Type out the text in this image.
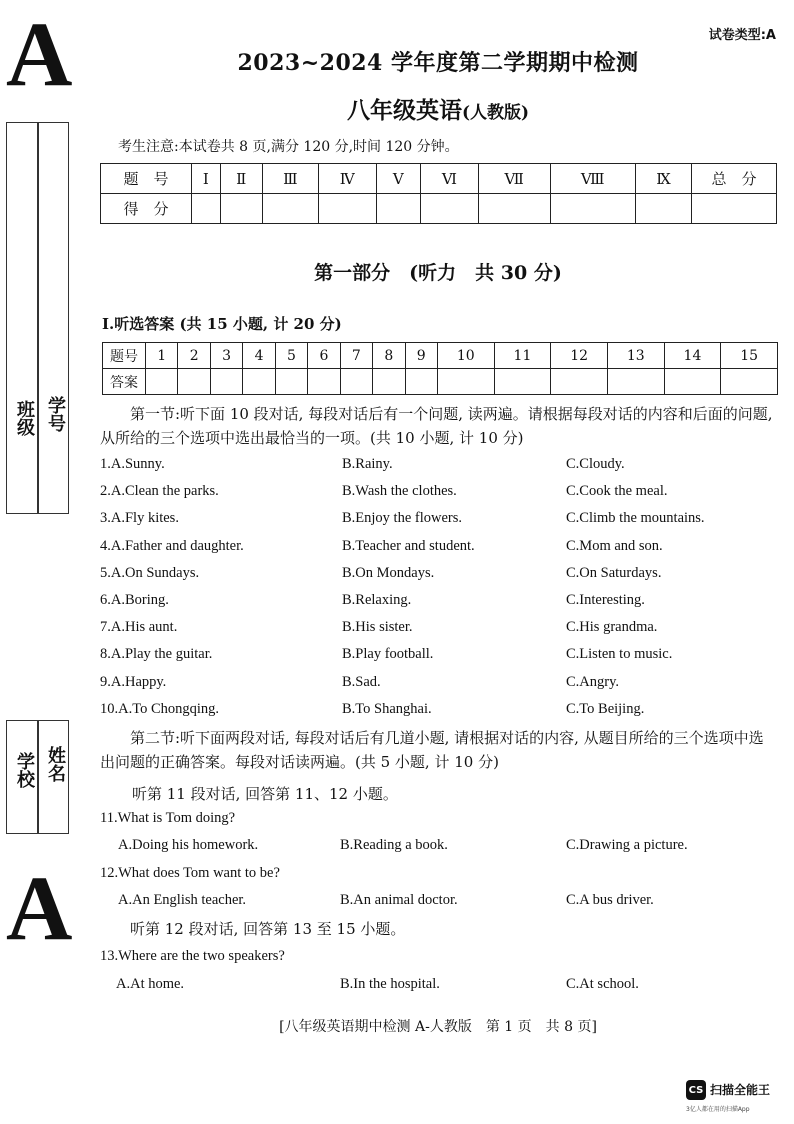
A
A
试卷类型:A
2023~2024 学年度第二学期期中检测
八年级英语(人教版)
考生注意:本试卷共 8 页,满分 120 分,时间 120 分钟。
题　号	Ⅰ	Ⅱ	Ⅲ	Ⅳ	Ⅴ	Ⅵ	Ⅶ	Ⅷ	Ⅸ	总　分
得　分										
班级 学号
学校 姓名
第一部分　(听力　共 30 分)
Ⅰ.听选答案 (共 15 小题, 计 20 分)
题号	1	2	3	4	5	6	7	8	9	10	11	12	13	14	15
答案															
第一节:听下面 10 段对话, 每段对话后有一个问题, 读两遍。请根据每段对话的内容和后面的问题, 从所给的三个选项中选出最恰当的一项。(共 10 小题, 计 10 分)
1.A.Sunny.	B.Rainy.	C.Cloudy.
2.A.Clean the parks.	B.Wash the clothes.	C.Cook the meal.
3.A.Fly kites.	B.Enjoy the flowers.	C.Climb the mountains.
4.A.Father and daughter.	B.Teacher and student.	C.Mom and son.
5.A.On Sundays.	B.On Mondays.	C.On Saturdays.
6.A.Boring.	B.Relaxing.	C.Interesting.
7.A.His aunt.	B.His sister.	C.His grandma.
8.A.Play the guitar.	B.Play football.	C.Listen to music.
9.A.Happy.	B.Sad.	C.Angry.
10.A.To Chongqing.	B.To Shanghai.	C.To Beijing.
第二节:听下面两段对话, 每段对话后有几道小题, 请根据对话的内容, 从题目所给的三个选项中选出问题的正确答案。每段对话读两遍。(共 5 小题, 计 10 分)
听第 11 段对话, 回答第 11、12 小题。
11.What is Tom doing?
A.Doing his homework.	B.Reading a book.	C.Drawing a picture.
12.What does Tom want to be?
A.An English teacher.	B.An animal doctor.	C.A bus driver.
听第 12 段对话, 回答第 13 至 15 小题。
13.Where are the two speakers?
A.At home.	B.In the hospital.	C.At school.
[八年级英语期中检测 A-人教版　第 1 页　共 8 页]
CS 扫描全能王
3亿人都在用的扫描App
